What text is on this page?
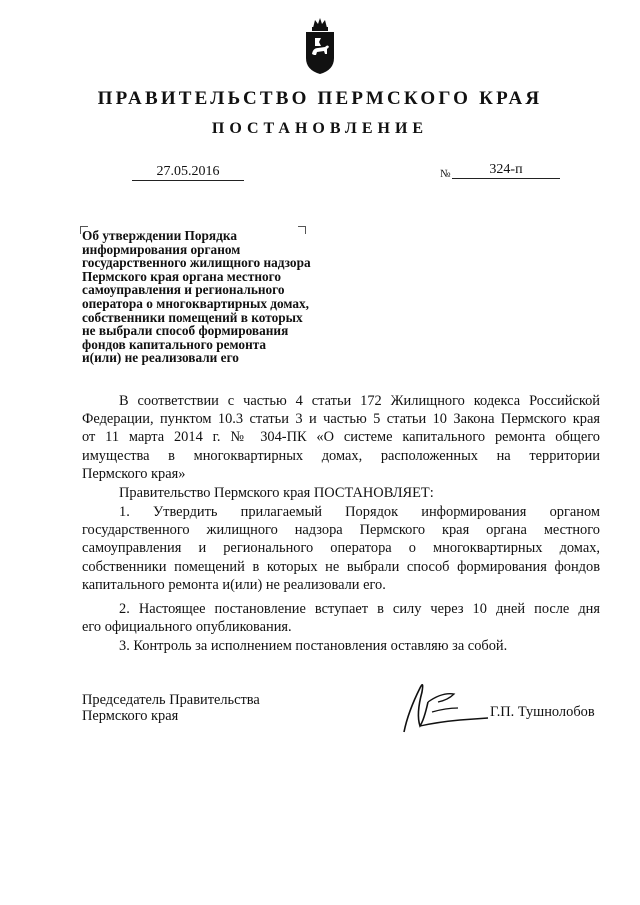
ПРАВИТЕЛЬСТВО ПЕРМСКОГО КРАЯ
ПОСТАНОВЛЕНИЕ
27.05.2016	№	324-п
Об утверждении Порядка
информирования органом
государственного жилищного надзора
Пермского края органа местного
самоуправления и регионального
оператора о многоквартирных домах,
собственники помещений в которых
не выбрали способ формирования
фондов капитального ремонта
и(или) не реализовали его
В соответствии с частью 4 статьи 172 Жилищного кодекса Российской
Федерации, пунктом 10.3 статьи 3 и частью 5 статьи 10 Закона Пермского края
от 11 марта 2014 г. № 304-ПК «О системе капитального ремонта общего
имущества в многоквартирных домах, расположенных на территории
Пермского края»
Правительство Пермского края ПОСТАНОВЛЯЕТ:
1. Утвердить прилагаемый Порядок информирования органом
государственного жилищного надзора Пермского края органа местного
самоуправления и регионального оператора о многоквартирных домах,
собственники помещений в которых не выбрали способ формирования фондов
капитального ремонта и(или) не реализовали его.
2. Настоящее постановление вступает в силу через 10 дней после дня
его официального опубликования.
3. Контроль за исполнением постановления оставляю за собой.
Председатель Правительства
Пермского края	Г.П. Тушнолобов
